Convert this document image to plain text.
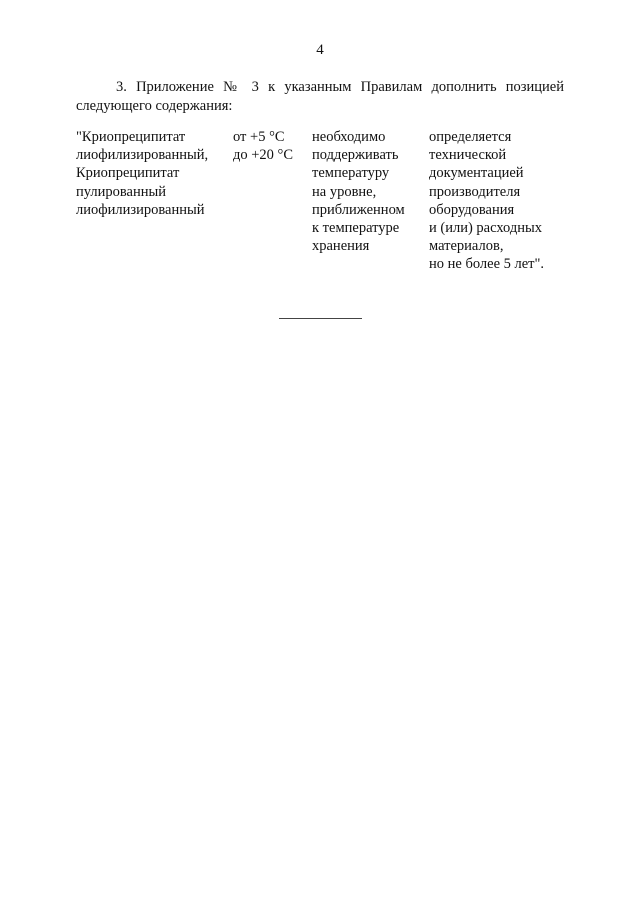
4
3. Приложение № 3 к указанным Правилам дополнить позицией
следующего содержания:
"Криопреципитат
лиофилизированный,
Криопреципитат
пулированный
лиофилизированный
от +5 °С
до +20 °С
необходимо
поддерживать
температуру
на уровне,
приближенном
к температуре
хранения
определяется
технической
документацией
производителя
оборудования
и (или) расходных
материалов,
но не более 5 лет".
